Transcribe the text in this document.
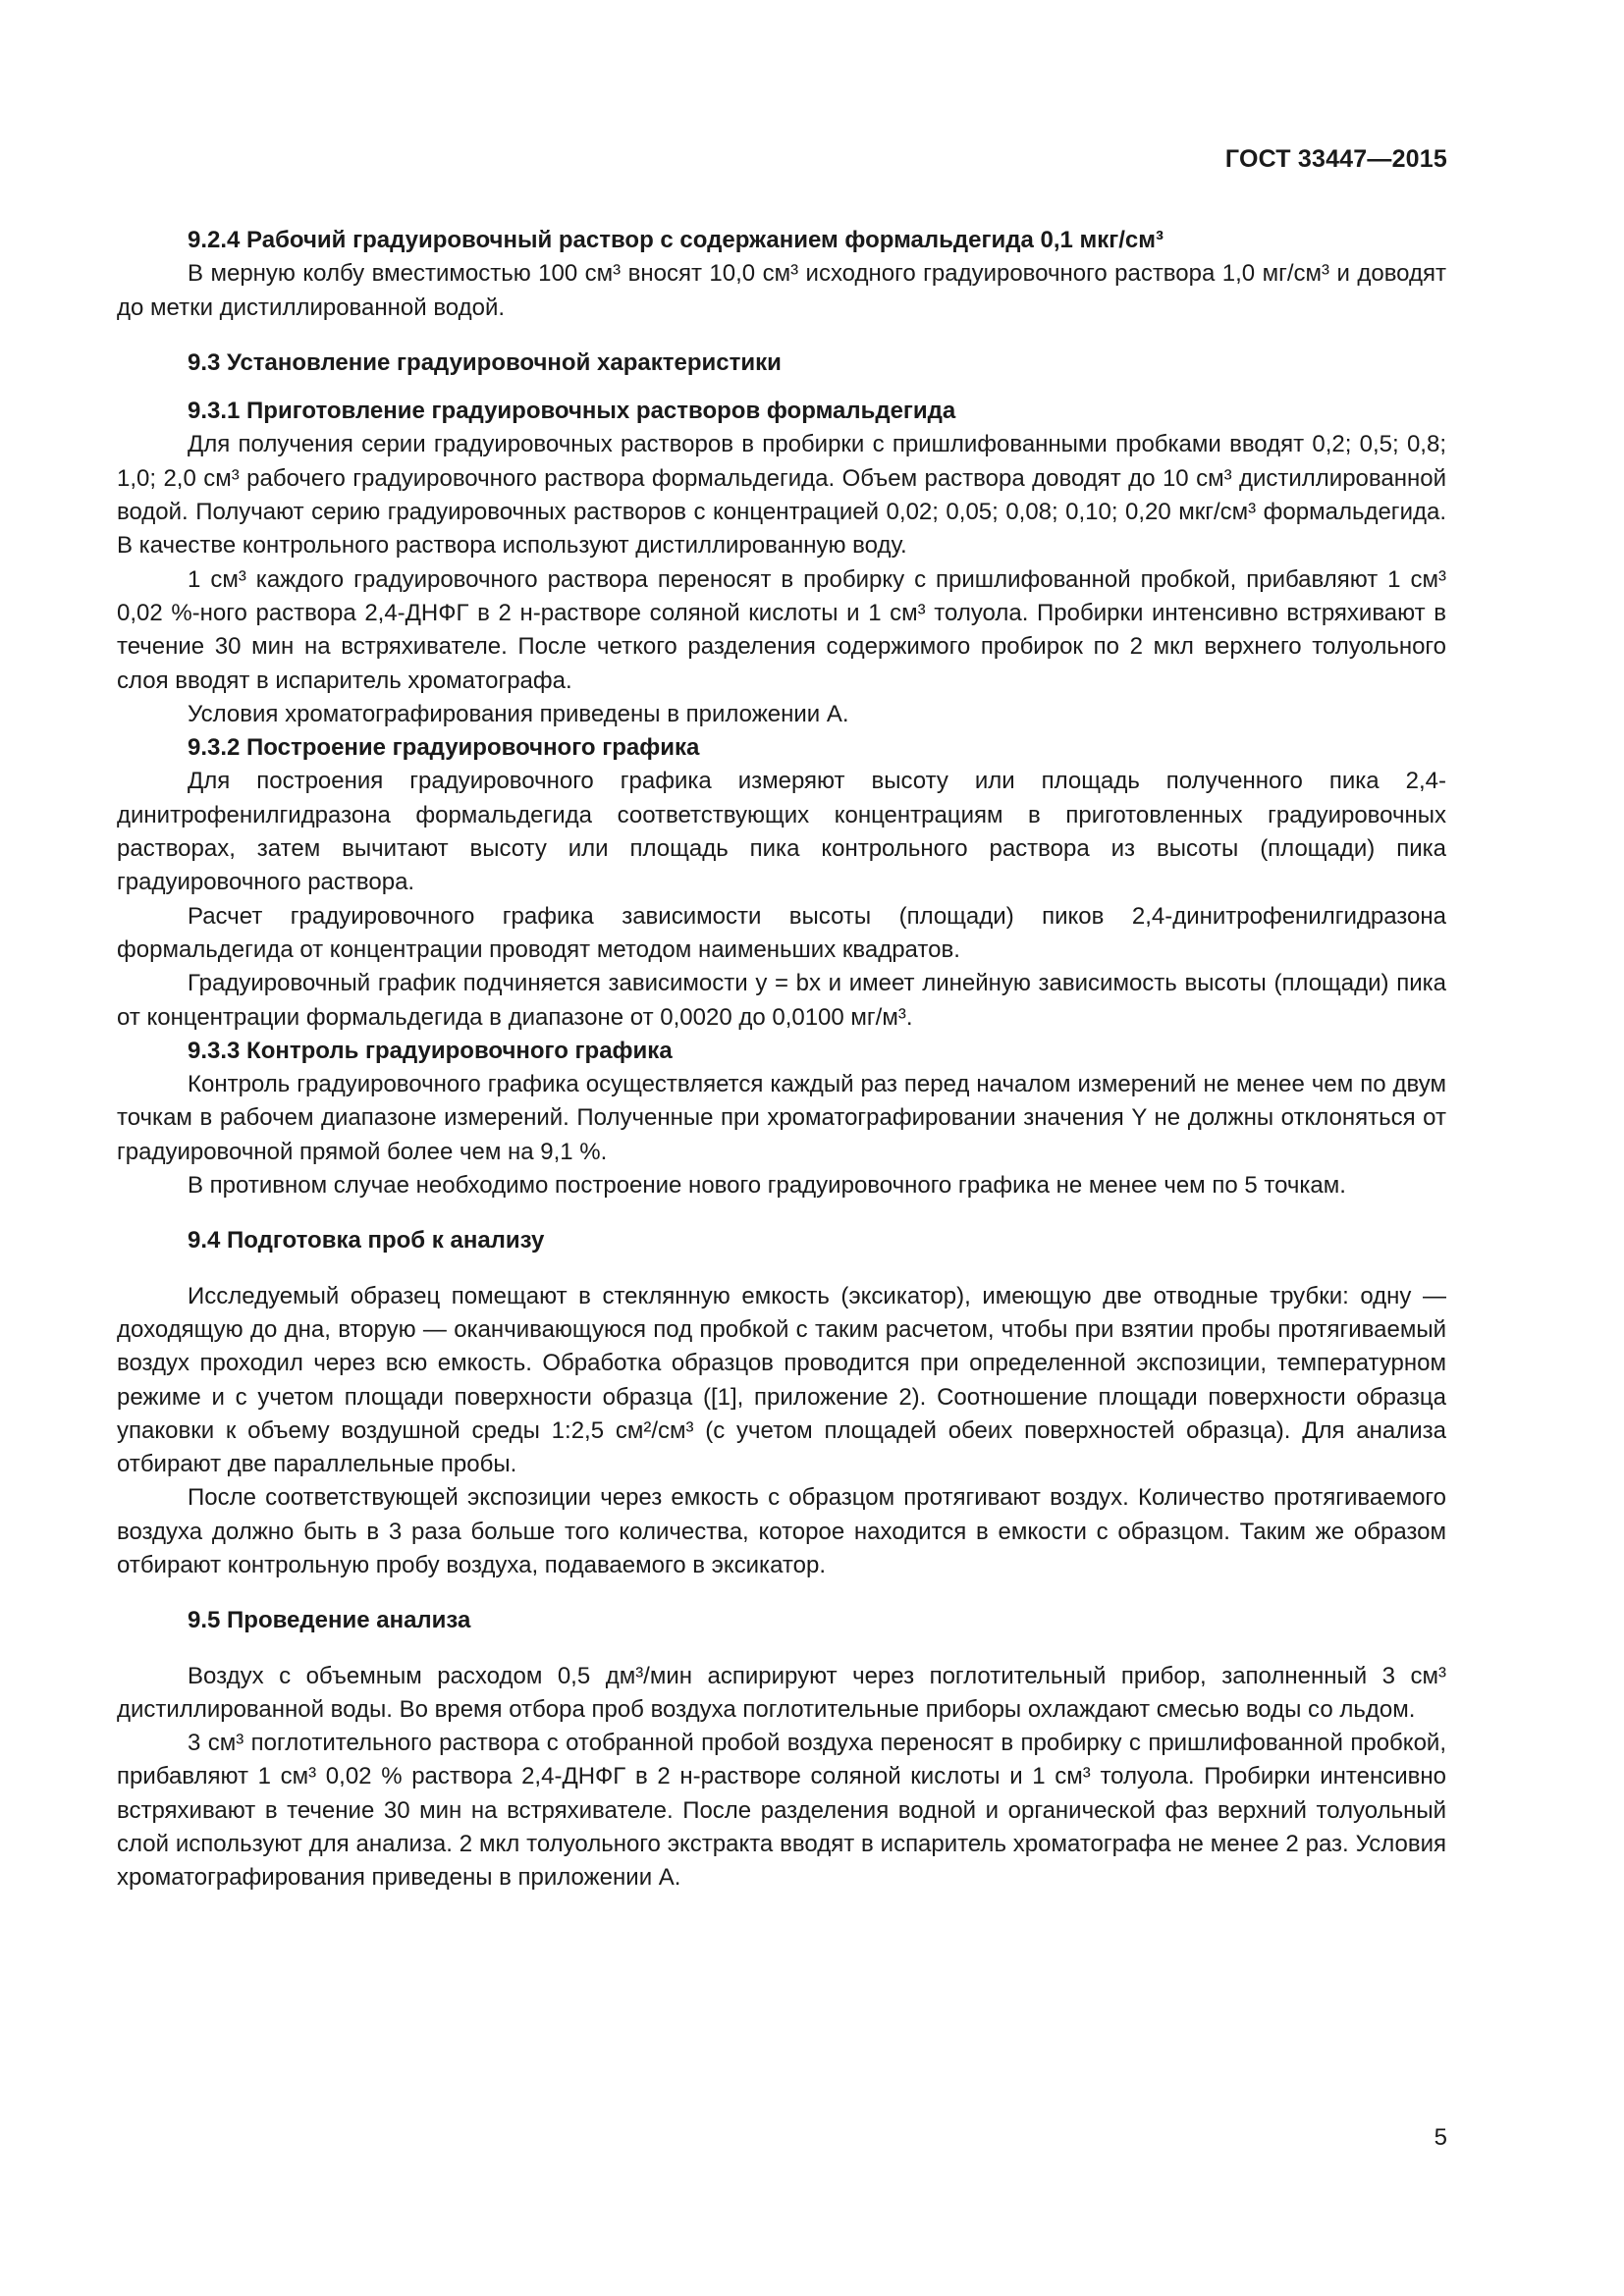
ГОСТ 33447—2015
9.2.4 Рабочий градуировочный раствор с содержанием формальдегида 0,1 мкг/см³

В мерную колбу вместимостью 100 см³ вносят 10,0 см³ исходного градуировочного раствора 1,0 мг/см³ и доводят до метки дистиллированной водой.

9.3 Установление градуировочной характеристики
9.3.1 Приготовление градуировочных растворов формальдегида

Для получения серии градуировочных растворов в пробирки с пришлифованными пробками вводят 0,2; 0,5; 0,8; 1,0; 2,0 см³ рабочего градуировочного раствора формальдегида. Объем раствора доводят до 10 см³ дистиллированной водой. Получают серию градуировочных растворов с концентрацией 0,02; 0,05; 0,08; 0,10; 0,20 мкг/см³ формальдегида. В качестве контрольного раствора используют дистиллированную воду.

1 см³ каждого градуировочного раствора переносят в пробирку с пришлифованной пробкой, прибавляют 1 см³ 0,02 %-ного раствора 2,4-ДНФГ в 2 н-растворе соляной кислоты и 1 см³ толуола. Пробирки интенсивно встряхивают в течение 30 мин на встряхивателе. После четкого разделения содержимого пробирок по 2 мкл верхнего толуольного слоя вводят в испаритель хроматографа.

Условия хроматографирования приведены в приложении А.

9.3.2 Построение градуировочного графика

Для построения градуировочного графика измеряют высоту или площадь полученного пика 2,4-динитрофенилгидразона формальдегида соответствующих концентрациям в приготовленных градуировочных растворах, затем вычитают высоту или площадь пика контрольного раствора из высоты (площади) пика градуировочного раствора.

Расчет градуировочного графика зависимости высоты (площади) пиков 2,4-динитрофенилгидразона формальдегида от концентрации проводят методом наименьших квадратов.

Градуировочный график подчиняется зависимости y = bx и имеет линейную зависимость высоты (площади) пика от концентрации формальдегида в диапазоне от 0,0020 до 0,0100 мг/м³.

9.3.3 Контроль градуировочного графика

Контроль градуировочного графика осуществляется каждый раз перед началом измерений не менее чем по двум точкам в рабочем диапазоне измерений. Полученные при хроматографировании значения Y не должны отклоняться от градуировочной прямой более чем на 9,1 %.

В противном случае необходимо построение нового градуировочного графика не менее чем по 5 точкам.

9.4 Подготовка проб к анализу

Исследуемый образец помещают в стеклянную емкость (эксикатор), имеющую две отводные трубки: одну — доходящую до дна, вторую — оканчивающуюся под пробкой с таким расчетом, чтобы при взятии пробы протягиваемый воздух проходил через всю емкость. Обработка образцов проводится при определенной экспозиции, температурном режиме и с учетом площади поверхности образца ([1], приложение 2). Соотношение площади поверхности образца упаковки к объему воздушной среды 1:2,5 см²/см³ (с учетом площадей обеих поверхностей образца). Для анализа отбирают две параллельные пробы.

После соответствующей экспозиции через емкость с образцом протягивают воздух. Количество протягиваемого воздуха должно быть в 3 раза больше того количества, которое находится в емкости с образцом. Таким же образом отбирают контрольную пробу воздуха, подаваемого в эксикатор.

9.5 Проведение анализа

Воздух с объемным расходом 0,5 дм³/мин аспирируют через поглотительный прибор, заполненный 3 см³ дистиллированной воды. Во время отбора проб воздуха поглотительные приборы охлаждают смесью воды со льдом.

3 см³ поглотительного раствора с отобранной пробой воздуха переносят в пробирку с пришлифованной пробкой, прибавляют 1 см³ 0,02 % раствора 2,4-ДНФГ в 2 н-растворе соляной кислоты и 1 см³ толуола. Пробирки интенсивно встряхивают в течение 30 мин на встряхивателе. После разделения водной и органической фаз верхний толуольный слой используют для анализа. 2 мкл толуольного экстракта вводят в испаритель хроматографа не менее 2 раз. Условия хроматографирования приведены в приложении А.

5
